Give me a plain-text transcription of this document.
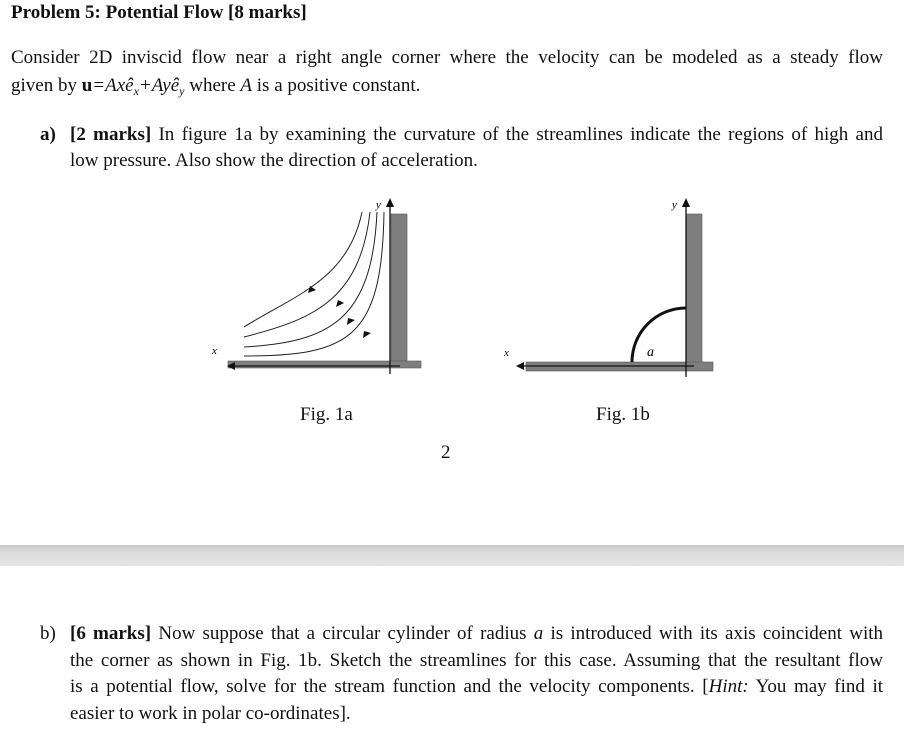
Problem 5: Potential Flow [8 marks]
Consider 2D inviscid flow near a right angle corner where the velocity can be modeled as a steady flow
given by u=Axê$_x$+Ayê$_y$ where A is a positive constant.
a) [2 marks] In figure 1a by examining the curvature of the streamlines indicate the regions of high and
low pressure. Also show the direction of acceleration.
y
x
y
x	a
Fig. 1a	Fig. 1b
2
b) [6 marks] Now suppose that a circular cylinder of radius a is introduced with its axis coincident with
the corner as shown in Fig. 1b. Sketch the streamlines for this case. Assuming that the resultant flow
is a potential flow, solve for the stream function and the velocity components. [Hint: You may find it
easier to work in polar co-ordinates].
